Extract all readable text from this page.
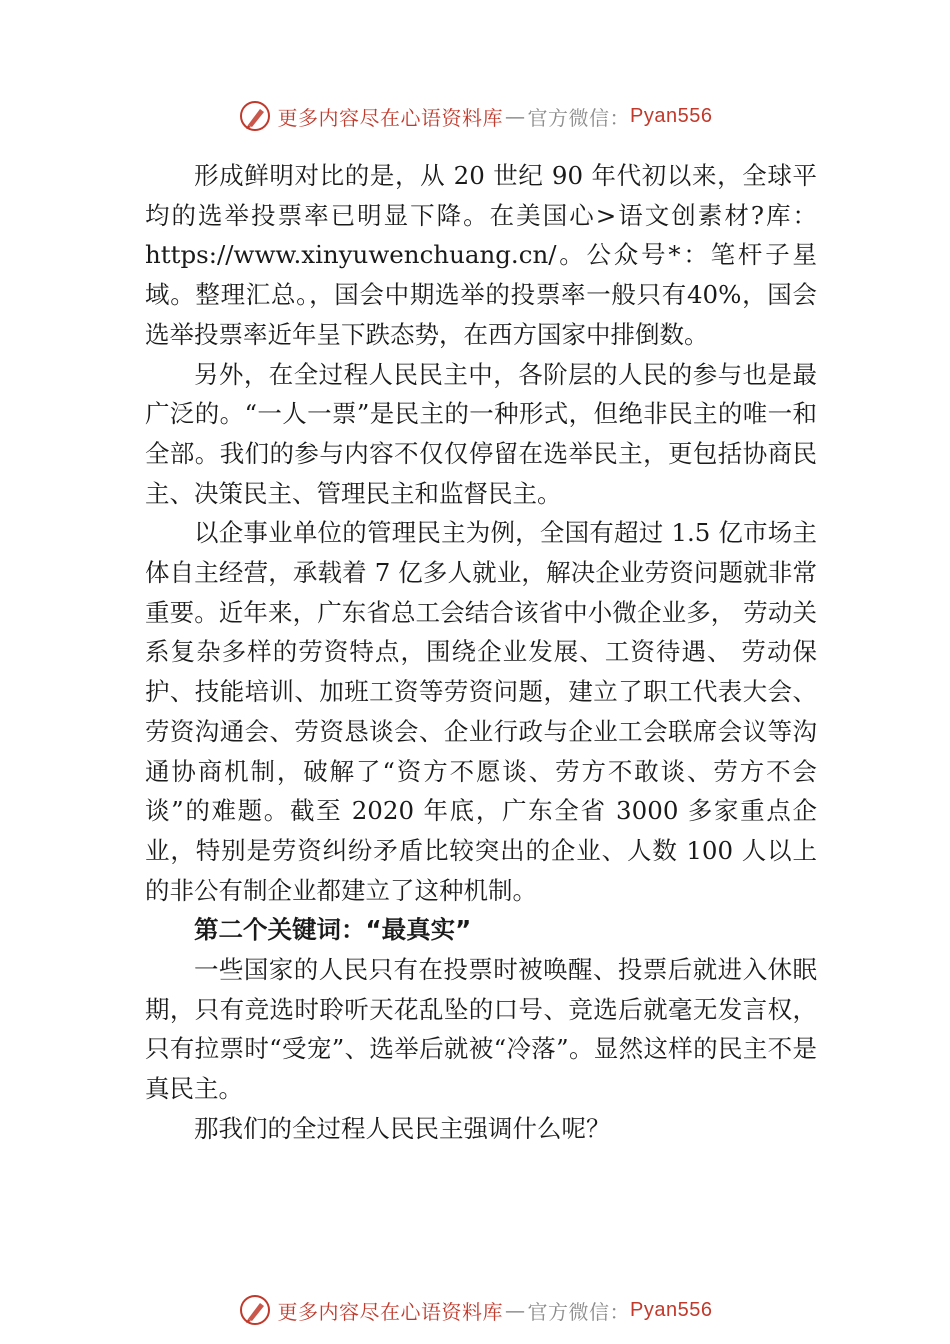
更多内容尽在心语资料库 — 官方微信： Pyan556

形成鲜明对比的是，从 20 世纪 90 年代初以来，全球平均的选举投票率已明显下降。在美国心>语文创素材?库：https://www.xinyuwenchuang.cn/。公众号*：笔杆子星域。整理汇总。，国会中期选举的投票率一般只有40%，国会选举投票率近年呈下跌态势，在西方国家中排倒数。

另外，在全过程人民民主中，各阶层的人民的参与也是最广泛的。“一人一票”是民主的一种形式，但绝非民主的唯一和全部。我们的参与内容不仅仅停留在选举民主，更包括协商民主、决策民主、管理民主和监督民主。

以企事业单位的管理民主为例，全国有超过 1.5 亿市场主体自主经营，承载着 7 亿多人就业，解决企业劳资问题就非常重要。近年来，广东省总工会结合该省中小微企业多， 劳动关系复杂多样的劳资特点，围绕企业发展、工资待遇、 劳动保护、技能培训、加班工资等劳资问题，建立了职工代表大会、劳资沟通会、劳资恳谈会、企业行政与企业工会联席会议等沟通协商机制，破解了“资方不愿谈、劳方不敢谈、劳方不会谈”的难题。截至 2020 年底，广东全省 3000 多家重点企业，特别是劳资纠纷矛盾比较突出的企业、人数 100 人以上的非公有制企业都建立了这种机制。

第二个关键词：“最真实”

一些国家的人民只有在投票时被唤醒、投票后就进入休眠期，只有竞选时聆听天花乱坠的口号、竞选后就毫无发言权，只有拉票时“受宠”、选举后就被“冷落”。显然这样的民主不是真民主。

那我们的全过程人民民主强调什么呢？

更多内容尽在心语资料库 — 官方微信： Pyan556
